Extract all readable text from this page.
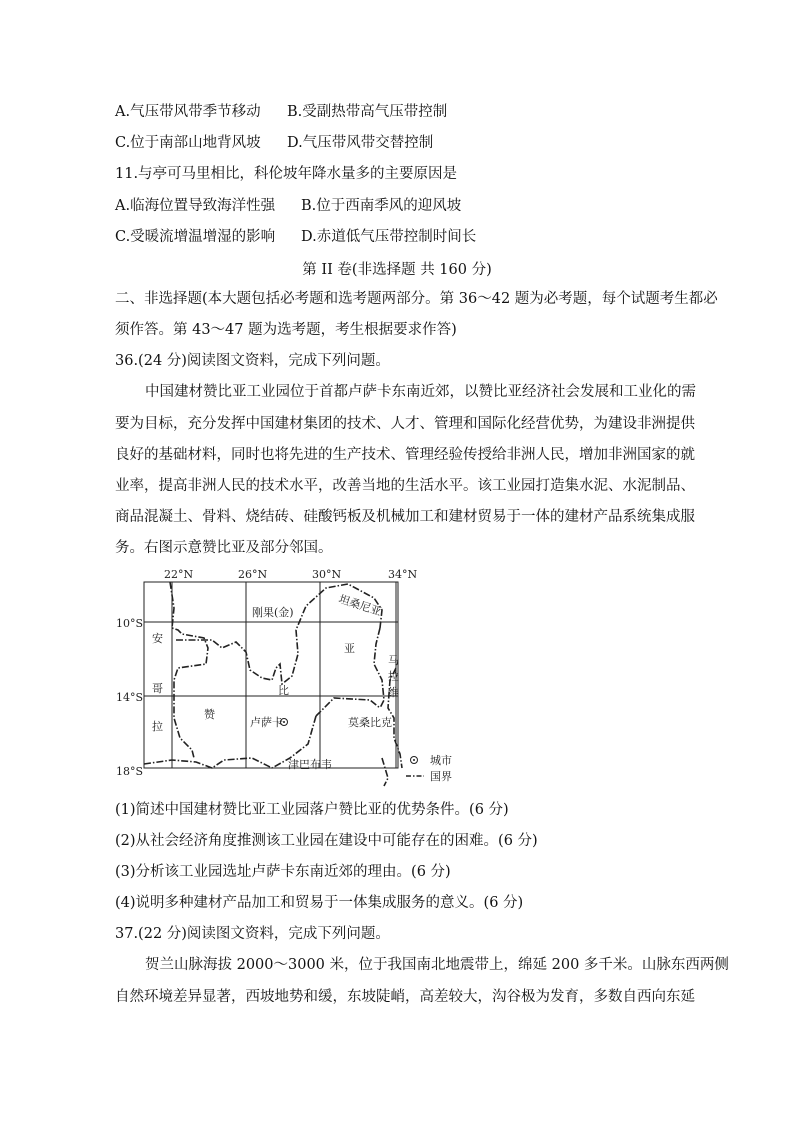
A.气压带风带季节移动 B.受副热带高气压带控制
C.位于南部山地背风坡 D.气压带风带交替控制
11.与亭可马里相比，科伦坡年降水量多的主要原因是
A.临海位置导致海洋性强 B.位于西南季风的迎风坡
C.受暖流增温增湿的影响 D.赤道低气压带控制时间长
第 II 卷(非选择题 共 160 分)
二、非选择题(本大题包括必考题和选考题两部分。第 36～42 题为必考题，每个试题考生都必
须作答。第 43～47 题为选考题，考生根据要求作答)
36.(24 分)阅读图文资料，完成下列问题。
中国建材赞比亚工业园位于首都卢萨卡东南近郊，以赞比亚经济社会发展和工业化的需
要为目标，充分发挥中国建材集团的技术、人才、管理和国际化经营优势，为建设非洲提供
良好的基础材料，同时也将先进的生产技术、管理经验传授给非洲人民，增加非洲国家的就
业率，提高非洲人民的技术水平，改善当地的生活水平。该工业园打造集水泥、水泥制品、
商品混凝土、骨料、烧结砖、硅酸钙板及机械加工和建材贸易于一体的建材产品系统集成服
务。右图示意赞比亚及部分邻国。
22°N	26°N	30°N	34°N
10°S
14°S
18°S
刚果(金)	坦桑尼亚
安
哥
拉
赞
比
亚
马
拉
维
莫桑比克
津巴布韦
卢萨卡
城市
国界
(1)简述中国建材赞比亚工业园落户赞比亚的优势条件。(6 分)
(2)从社会经济角度推测该工业园在建设中可能存在的困难。(6 分)
(3)分析该工业园选址卢萨卡东南近郊的理由。(6 分)
(4)说明多种建材产品加工和贸易于一体集成服务的意义。(6 分)
37.(22 分)阅读图文资料，完成下列问题。
贺兰山脉海拔 2000～3000 米，位于我国南北地震带上，绵延 200 多千米。山脉东西两侧
自然环境差异显著，西坡地势和缓，东坡陡峭，高差较大，沟谷极为发育，多数自西向东延
